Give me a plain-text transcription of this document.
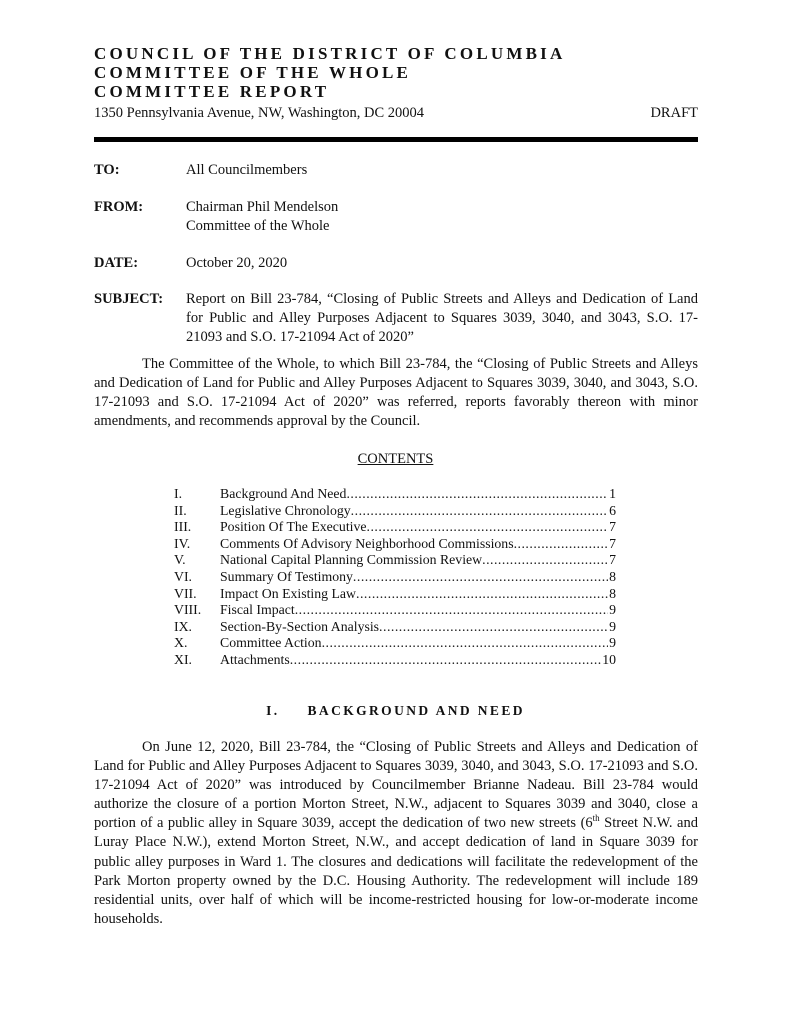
COUNCIL OF THE DISTRICT OF COLUMBIA
COMMITTEE OF THE WHOLE
COMMITTEE REPORT
1350 Pennsylvania Avenue, NW, Washington, DC 20004	DRAFT
TO:	All Councilmembers
FROM:	Chairman Phil Mendelson
Committee of the Whole
DATE:	October 20, 2020
SUBJECT:	Report on Bill 23-784, “Closing of Public Streets and Alleys and Dedication of Land for Public and Alley Purposes Adjacent to Squares 3039, 3040, and 3043, S.O. 17-21093 and S.O. 17-21094 Act of 2020”
The Committee of the Whole, to which Bill 23-784, the “Closing of Public Streets and Alleys and Dedication of Land for Public and Alley Purposes Adjacent to Squares 3039, 3040, and 3043, S.O. 17-21093 and S.O. 17-21094 Act of 2020” was referred, reports favorably thereon with minor amendments, and recommends approval by the Council.
CONTENTS
I.	Background And Need .....	1
II.	Legislative Chronology .....	6
III.	Position Of The Executive .....	7
IV.	Comments Of Advisory Neighborhood Commissions .....	7
V.	National Capital Planning Commission Review .....	7
VI.	Summary Of Testimony .....	8
VII.	Impact On Existing Law .....	8
VIII.	Fiscal Impact .....	9
IX.	Section-By-Section Analysis .....	9
X.	Committee Action .....	9
XI.	Attachments .....	10
I. BACKGROUND AND NEED
On June 12, 2020, Bill 23-784, the “Closing of Public Streets and Alleys and Dedication of Land for Public and Alley Purposes Adjacent to Squares 3039, 3040, and 3043, S.O. 17-21093 and S.O. 17-21094 Act of 2020” was introduced by Councilmember Brianne Nadeau. Bill 23-784 would authorize the closure of a portion Morton Street, N.W., adjacent to Squares 3039 and 3040, close a portion of a public alley in Square 3039, accept the dedication of two new streets (6th Street N.W. and Luray Place N.W.), extend Morton Street, N.W., and accept dedication of land in Square 3039 for public alley purposes in Ward 1. The closures and dedications will facilitate the redevelopment of the Park Morton property owned by the D.C. Housing Authority. The redevelopment will include 189 residential units, over half of which will be income-restricted housing for low-or-moderate income households.
